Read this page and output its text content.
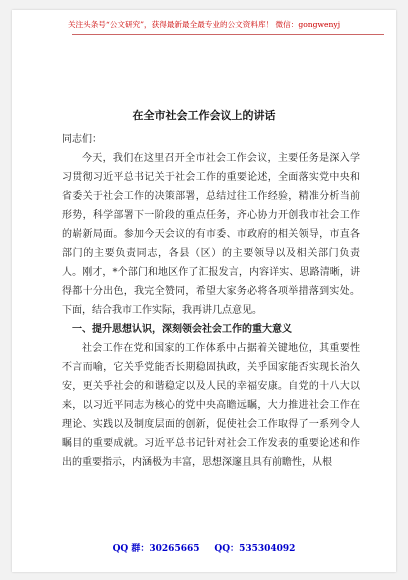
关注头条号“公文研究”，获得最新最全最专业的公文资料库！ 微信：gongwenyj
在全市社会工作会议上的讲话

同志们：

今天，我们在这里召开全市社会工作会议，主要任务是深入学习贯彻习近平总书记关于社会工作的重要论述，全面落实党中央和省委关于社会工作的决策部署，总结过往工作经验，精准分析当前形势，科学部署下一阶段的重点任务，齐心协力开创我市社会工作的崭新局面。参加今天会议的有市委、市政府的相关领导，市直各部门的主要负责同志，各县（区）的主要领导以及相关部门负责人。刚才，*个部门和地区作了汇报发言，内容详实、思路清晰，讲得都十分出色，我完全赞同，希望大家务必将各项举措落到实处。下面，结合我市工作实际，我再讲几点意见。

一、提升思想认识，深刻领会社会工作的重大意义

社会工作在党和国家的工作体系中占据着关键地位，其重要性不言而喻，它关乎党能否长期稳固执政，关乎国家能否实现长治久安，更关乎社会的和谐稳定以及人民的幸福安康。自党的十八大以来，以习近平同志为核心的党中央高瞻远瞩，大力推进社会工作在理论、实践以及制度层面的创新，促使社会工作取得了一系列令人瞩目的重要成就。习近平总书记针对社会工作发表的重要论述和作出的重要指示，内涵极为丰富，思想深邃且具有前瞻性，从根

QQ 群：30265665 QQ：535304092
